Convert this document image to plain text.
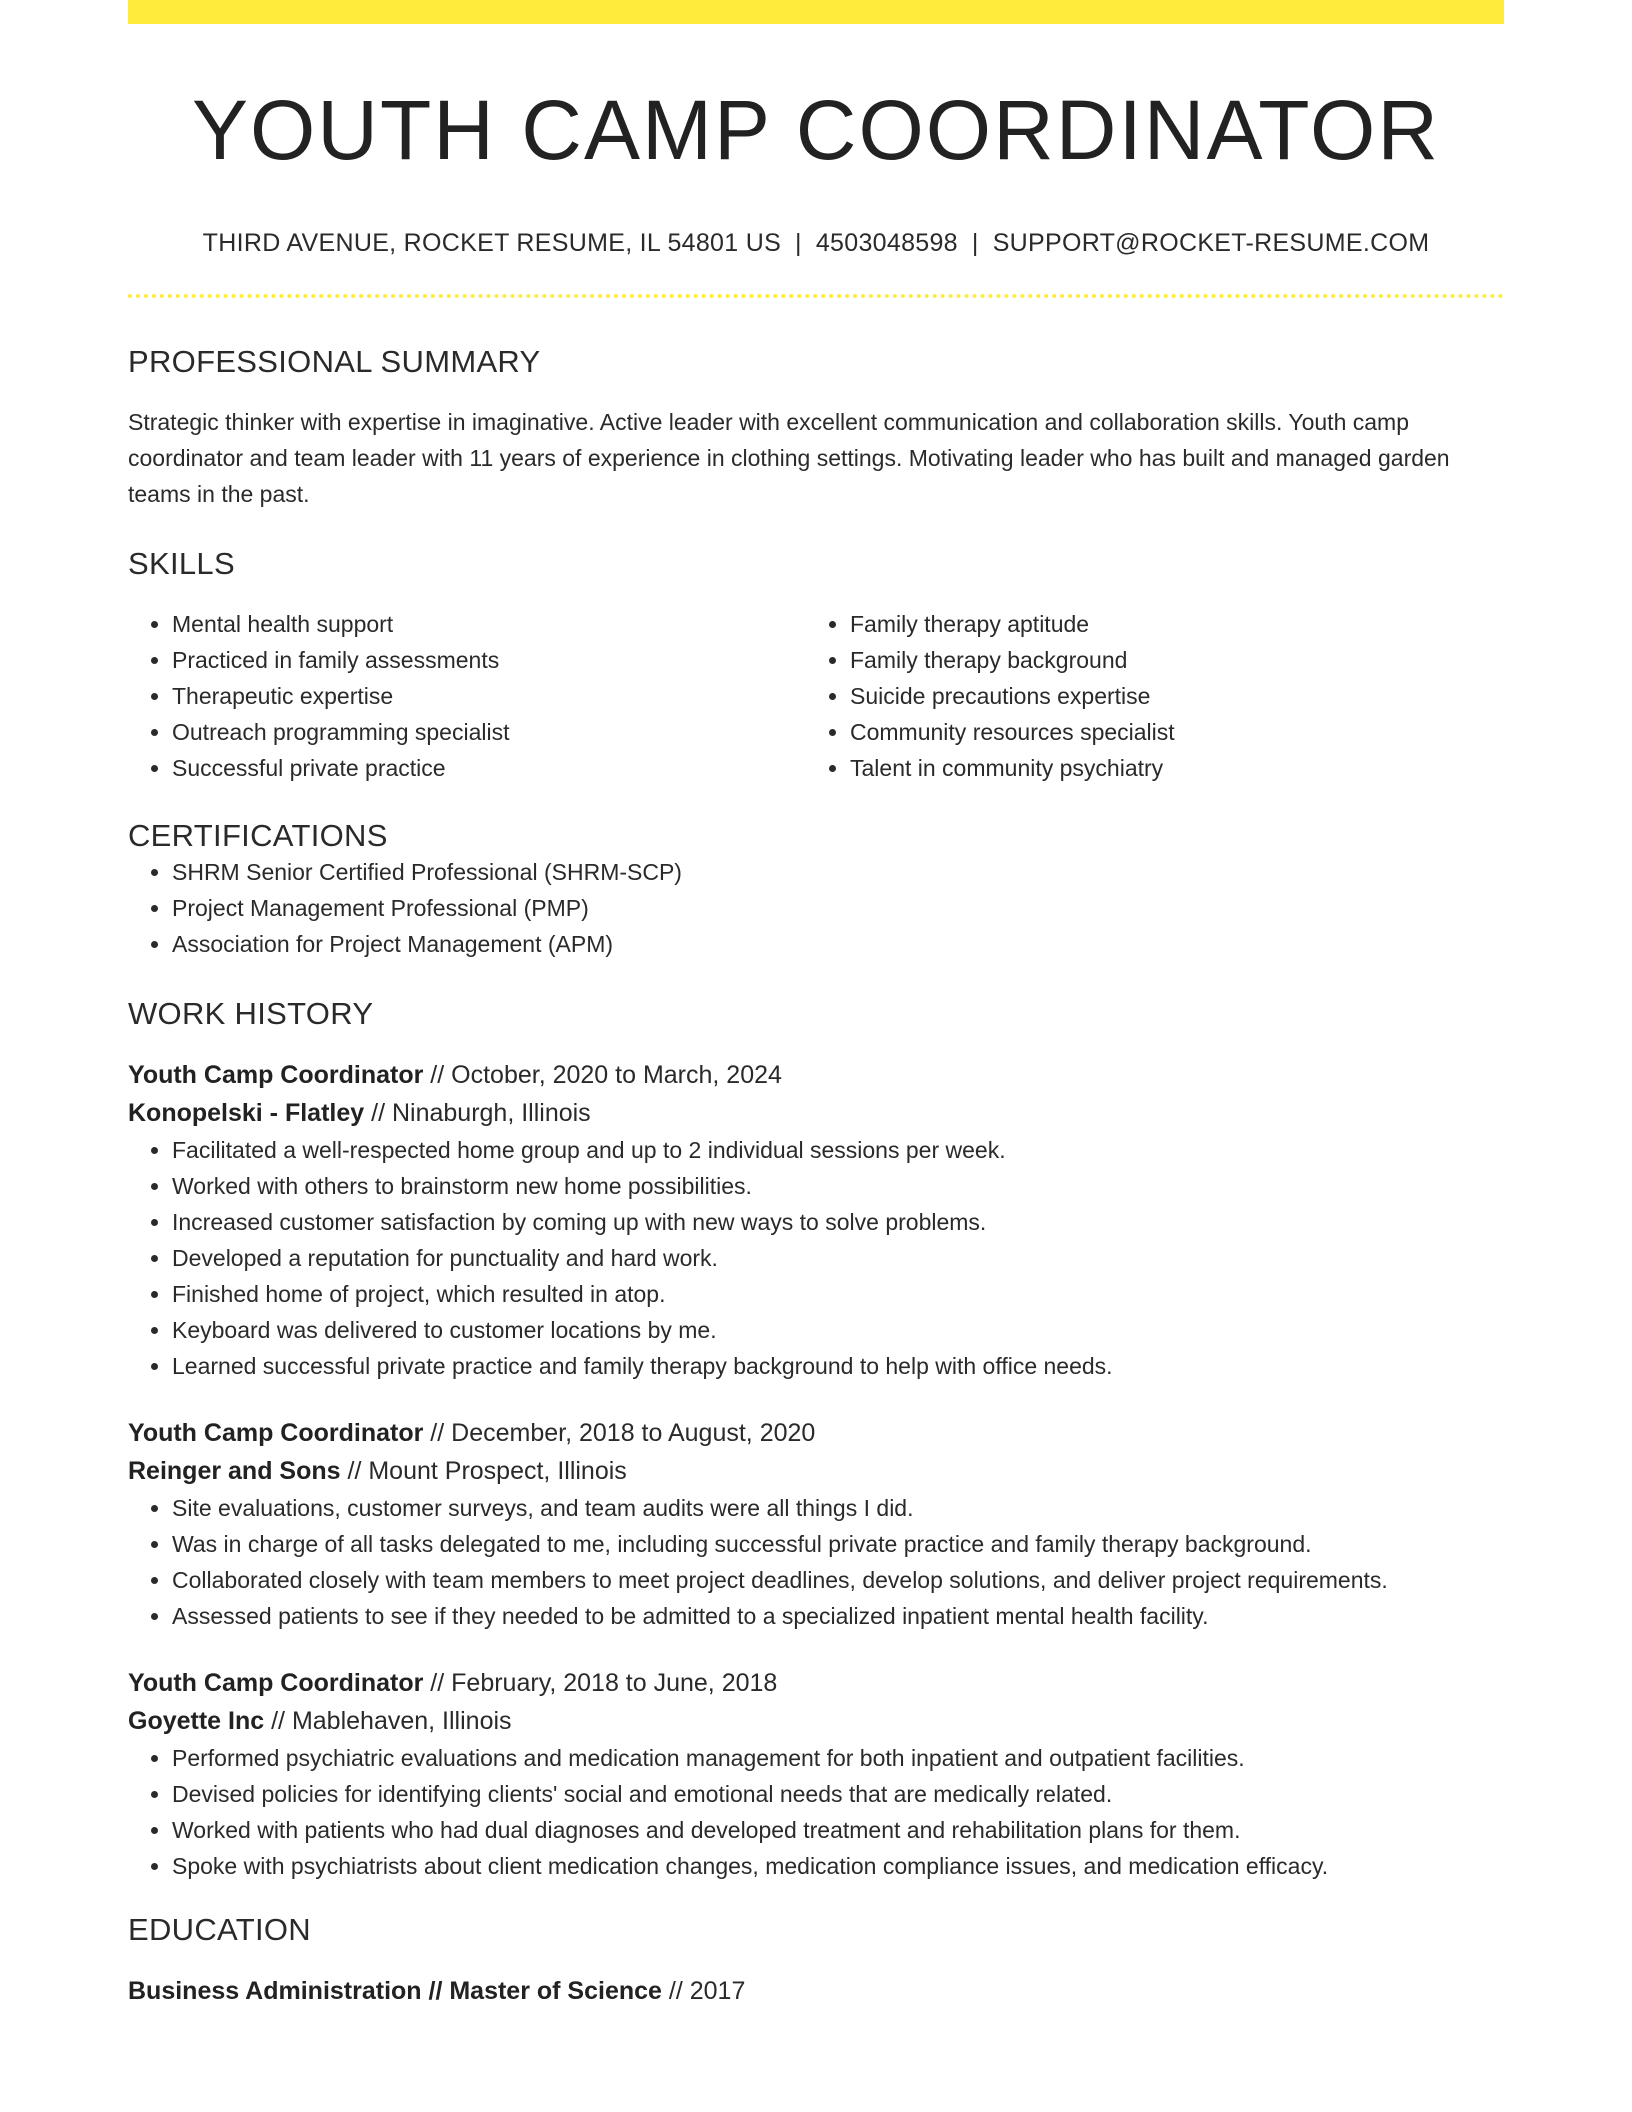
YOUTH CAMP COORDINATOR
THIRD AVENUE, ROCKET RESUME, IL 54801 US | 4503048598 | SUPPORT@ROCKET-RESUME.COM
PROFESSIONAL SUMMARY
Strategic thinker with expertise in imaginative. Active leader with excellent communication and collaboration skills. Youth camp coordinator and team leader with 11 years of experience in clothing settings. Motivating leader who has built and managed garden teams in the past.
SKILLS
• Mental health support
• Practiced in family assessments
• Therapeutic expertise
• Outreach programming specialist
• Successful private practice
• Family therapy aptitude
• Family therapy background
• Suicide precautions expertise
• Community resources specialist
• Talent in community psychiatry
CERTIFICATIONS
• SHRM Senior Certified Professional (SHRM-SCP)
• Project Management Professional (PMP)
• Association for Project Management (APM)
WORK HISTORY
Youth Camp Coordinator // October, 2020 to March, 2024
Konopelski - Flatley // Ninaburgh, Illinois
• Facilitated a well-respected home group and up to 2 individual sessions per week.
• Worked with others to brainstorm new home possibilities.
• Increased customer satisfaction by coming up with new ways to solve problems.
• Developed a reputation for punctuality and hard work.
• Finished home of project, which resulted in atop.
• Keyboard was delivered to customer locations by me.
• Learned successful private practice and family therapy background to help with office needs.
Youth Camp Coordinator // December, 2018 to August, 2020
Reinger and Sons // Mount Prospect, Illinois
• Site evaluations, customer surveys, and team audits were all things I did.
• Was in charge of all tasks delegated to me, including successful private practice and family therapy background.
• Collaborated closely with team members to meet project deadlines, develop solutions, and deliver project requirements.
• Assessed patients to see if they needed to be admitted to a specialized inpatient mental health facility.
Youth Camp Coordinator // February, 2018 to June, 2018
Goyette Inc // Mablehaven, Illinois
• Performed psychiatric evaluations and medication management for both inpatient and outpatient facilities.
• Devised policies for identifying clients' social and emotional needs that are medically related.
• Worked with patients who had dual diagnoses and developed treatment and rehabilitation plans for them.
• Spoke with psychiatrists about client medication changes, medication compliance issues, and medication efficacy.
EDUCATION
Business Administration // Master of Science // 2017
